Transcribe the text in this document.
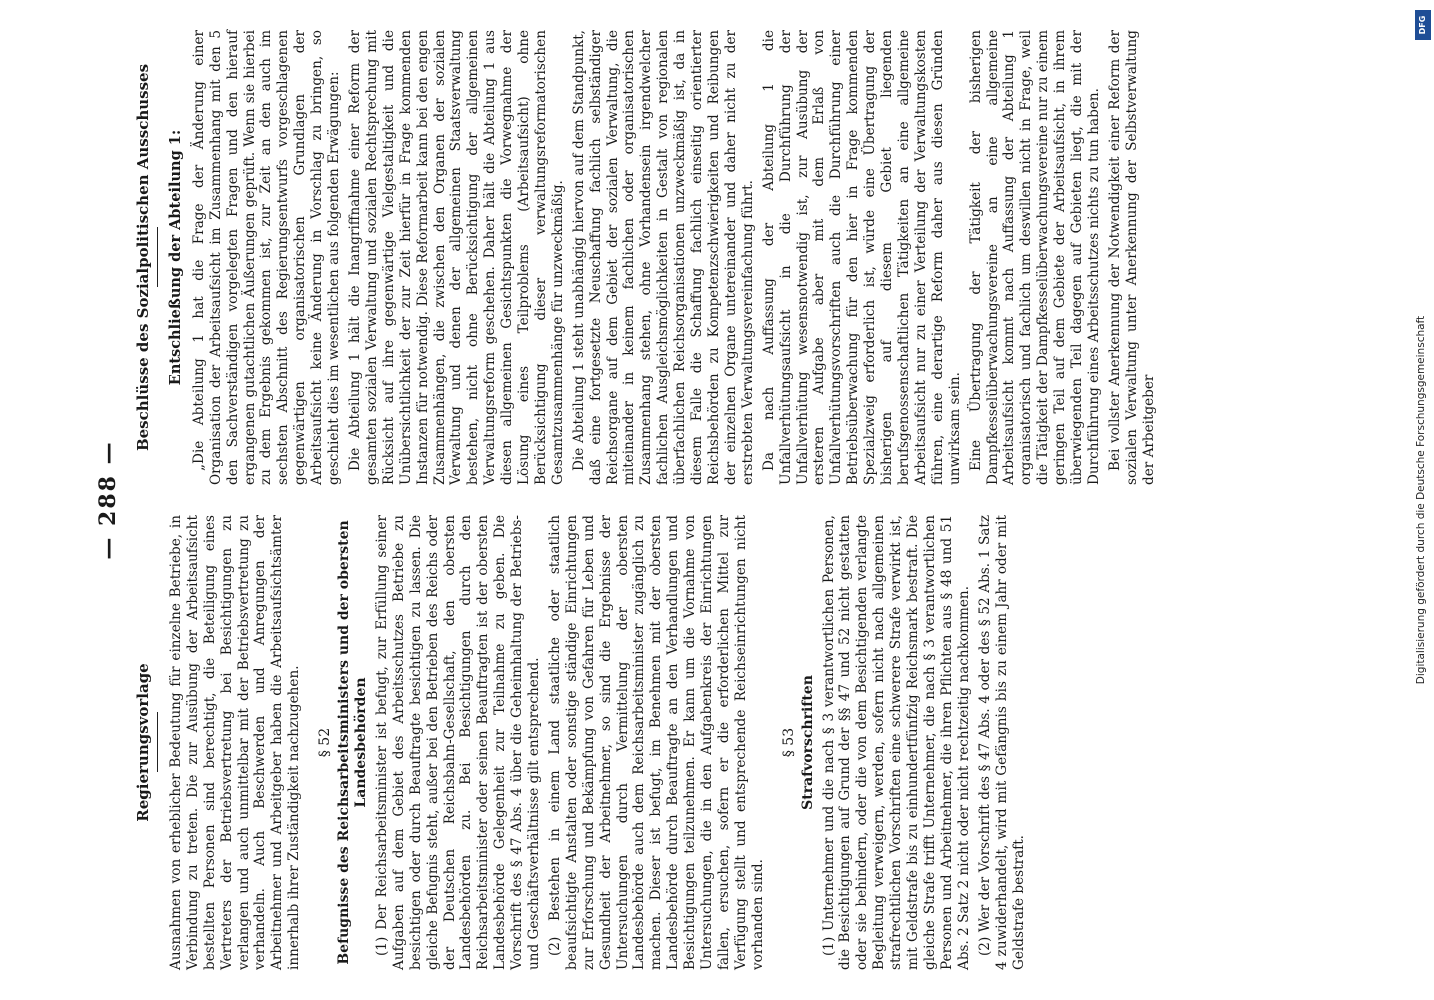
— 288 —
Regierungsvorlage	Ausnahmen von erheblicher Bedeutung für einzelne Betriebe, in Verbindung zu treten. Die zur Ausübung der Arbeitsaufsicht bestellten Personen sind berechtigt, die Beteiligung eines Vertreters der Betriebsvertretung bei Besichtigungen zu verlangen und auch unmittelbar mit der Betriebsvertretung zu verhandeln. Auch Beschwerden und Anregungen der Arbeitnehmer und Arbeitgeber haben die Arbeitsaufsichtsämter innerhalb ihrer Zuständigkeit nachzugehen. § 52 Befugnisse des Reichsarbeitsministers und der obersten Landesbehörden (1) Der Reichsarbeitsminister ist befugt, zur Erfüllung seiner Aufgaben auf dem Gebiet des Arbeitsschutzes Betriebe zu besichtigen oder durch Beauftragte besichtigen zu lassen. Die gleiche Befugnis steht, außer bei den Betrieben des Reichs oder der Deutschen Reichsbahn-Gesellschaft, den obersten Landesbehörden zu. Bei Besichtigungen durch den Reichsarbeitsminister oder seinen Beauftragten ist der obersten Landesbehörde Gelegenheit zur Teilnahme zu geben. Die Vorschrift des § 47 Abs. 4 über die Geheimhaltung der Betriebs- und Geschäftsverhältnisse gilt entsprechend. (2) Bestehen in einem Land staatliche oder staatlich beaufsichtigte Anstalten oder sonstige ständige Einrichtungen zur Erforschung und Bekämpfung von Gefahren für Leben und Gesundheit der Arbeitnehmer, so sind die Ergebnisse der Untersuchungen durch Vermittelung der obersten Landesbehörde auch dem Reichsarbeitsminister zugänglich zu machen. Dieser ist befugt, im Benehmen mit der obersten Landesbehörde durch Beauftragte an den Verhandlungen und Besichtigungen teilzunehmen. Er kann um die Vornahme von Untersuchungen, die in den Aufgabenkreis der Einrichtungen fallen, ersuchen, sofern er die erforderlichen Mittel zur Verfügung stellt und entsprechende Reichseinrichtungen nicht vorhanden sind.

§ 53 Strafvorschriften (1) Unternehmer und die nach § 3 verantwortlichen Personen, die Besichtigungen auf Grund der §§ 47 und 52 nicht gestatten oder sie behindern, oder die von dem Besichtigenden verlangte Begleitung verweigern, werden, sofern nicht nach allgemeinen strafrechtlichen Vorschriften eine schwerere Strafe verwirkt ist, mit Geldstrafe bis zu einhundertfünfzig Reichsmark bestraft. Die gleiche Strafe trifft Unternehmer, die nach § 3 verantwortlichen Personen und Arbeitnehmer, die ihren Pflichten aus § 48 und 51 Abs. 2 Satz 2 nicht oder nicht rechtzeitig nachkommen. (2) Wer der Vorschrift des § 47 Abs. 4 oder des § 52 Abs. 1 Satz 4 zuwiderhandelt, wird mit Gefängnis bis zu einem Jahr oder mit Geldstrafe bestraft.

Beschlüsse des Sozialpolitischen Ausschusses	Entschließung der Abteilung 1: „Die Abteilung 1 hat die Frage der Änderung einer Organisation der Arbeitsaufsicht im Zusammenhang mit den 5 den Sachverständigen vorgelegten Fragen und den hierauf ergangenen gutachtlichen Äußerungen geprüft. Wenn sie hierbei zu dem Ergebnis gekommen ist, zur Zeit an den auch im sechsten Abschnitt des Regierungsentwurfs vorgeschlagenen gegenwärtigen organisatorischen Grundlagen der Arbeitsaufsicht keine Änderung in Vorschlag zu bringen, so geschieht dies im wesentlichen aus folgenden Erwägungen: Die Abteilung 1 hält die Inangriffnahme einer Reform der gesamten sozialen Verwaltung und sozialen Rechtsprechung mit Rücksicht auf ihre gegenwärtige Vielgestaltigkeit und die Unübersichtlichkeit der zur Zeit hierfür in Frage kommenden Instanzen für notwendig. Diese Reformarbeit kann bei den engen Zusammenhängen, die zwischen den Organen der sozialen Verwaltung und denen der allgemeinen Staatsverwaltung bestehen, nicht ohne Berücksichtigung der allgemeinen Verwaltungsreform geschehen. Daher hält die Abteilung 1 aus diesen allgemeinen Gesichtspunkten die Vorwegnahme der Lösung eines Teilproblems (Arbeitsaufsicht) ohne Berücksichtigung dieser verwaltungsreformatorischen Gesamtzusammenhänge für unzweckmäßig. Die Abteilung 1 steht unabhängig hiervon auf dem Standpunkt, daß eine fortgesetzte Neuschaffung fachlich selbständiger Reichsorgane auf dem Gebiet der sozialen Verwaltung, die miteinander in keinem fachlichen oder organisatorischen Zusammenhang stehen, ohne Vorhandensein irgendwelcher fachlichen Ausgleichsmöglichkeiten in Gestalt von regionalen überfachlichen Reichsorganisationen unzweckmäßig ist, da in diesem Falle die Schaffung fachlich einseitig orientierter Reichsbehörden zu Kompetenzschwierigkeiten und Reibungen der einzelnen Organe untereinander und daher nicht zu der erstrebten Verwaltungsvereinfachung führt. Da nach Auffassung der Abteilung 1 die Unfallverhütungsaufsicht in die Durchführung der Unfallverhütung wesensnotwendig ist, zur Ausübung der ersteren Aufgabe aber mit dem Erlaß von Unfallverhütungsvorschriften auch die Durchführung einer Betriebsüberwachung für den hier in Frage kommenden Spezialzweig erforderlich ist, würde eine Übertragung der bisherigen auf diesem Gebiet liegenden berufsgenossenschaftlichen Tätigkeiten an eine allgemeine Arbeitsaufsicht nur zu einer Verteilung der Verwaltungskosten führen, eine derartige Reform daher aus diesen Gründen unwirksam sein. Eine Übertragung der Tätigkeit der bisherigen Dampfkesselüberwachungsvereine an eine allgemeine Arbeitsaufsicht kommt nach Auffassung der Abteilung 1 organisatorisch und fachlich um deswillen nicht in Frage, weil die Tätigkeit der Dampfkesselüberwachungsvereine nur zu einem geringen Teil auf dem Gebiete der Arbeitsaufsicht, in ihrem überwiegenden Teil dagegen auf Gebieten liegt, die mit der Durchführung eines Arbeitsschutzes nichts zu tun haben. Bei vollster Anerkennung der Notwendigkeit einer Reform der sozialen Verwaltung unter Anerkennung der Selbstverwaltung der Arbeitgeber	Digitalisierung gefördert durch die Deutsche Forschungsgemeinschaft
DFG
